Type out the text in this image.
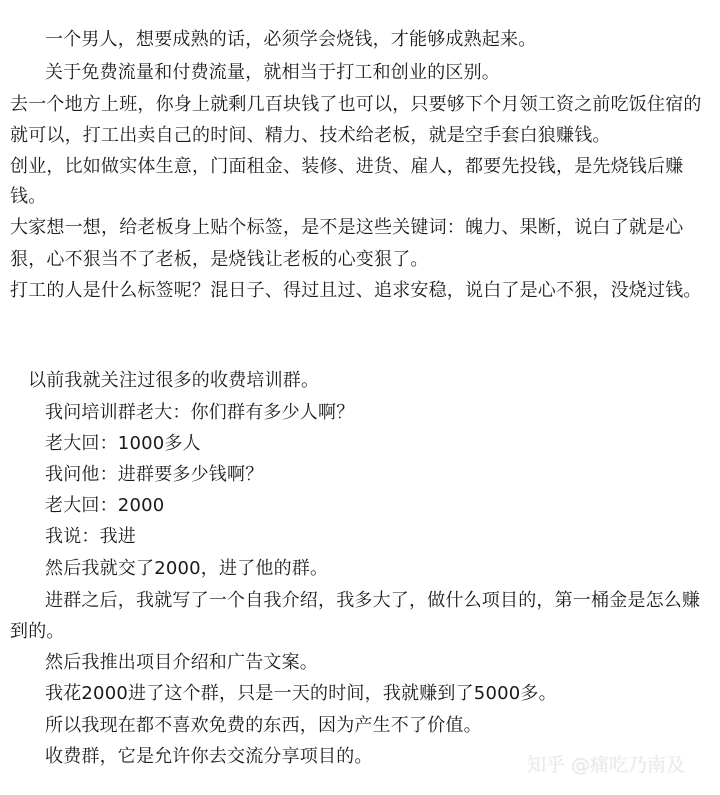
一个男人，想要成熟的话，必须学会烧钱，才能够成熟起来。
关于免费流量和付费流量，就相当于打工和创业的区别。
去一个地方上班，你身上就剩几百块钱了也可以，只要够下个月领工资之前吃饭住宿的
就可以，打工出卖自己的时间、精力、技术给老板，就是空手套白狼赚钱。
创业，比如做实体生意，门面租金、装修、进货、雇人，都要先投钱，是先烧钱后赚
钱。
大家想一想，给老板身上贴个标签，是不是这些关键词：魄力、果断，说白了就是心
狠，心不狠当不了老板，是烧钱让老板的心变狠了。
打工的人是什么标签呢？混日子、得过且过、追求安稳，说白了是心不狠，没烧过钱。
以前我就关注过很多的收费培训群。
我问培训群老大：你们群有多少人啊？
老大回：1000多人
我问他：进群要多少钱啊？
老大回：2000
我说：我进
然后我就交了2000，进了他的群。
进群之后，我就写了一个自我介绍，我多大了，做什么项目的，第一桶金是怎么赚
到的。
然后我推出项目介绍和广告文案。
我花2000进了这个群，只是一天的时间，我就赚到了5000多。
所以我现在都不喜欢免费的东西，因为产生不了价值。
收费群，它是允许你去交流分享项目的。	知乎 @痛吃乃南及
